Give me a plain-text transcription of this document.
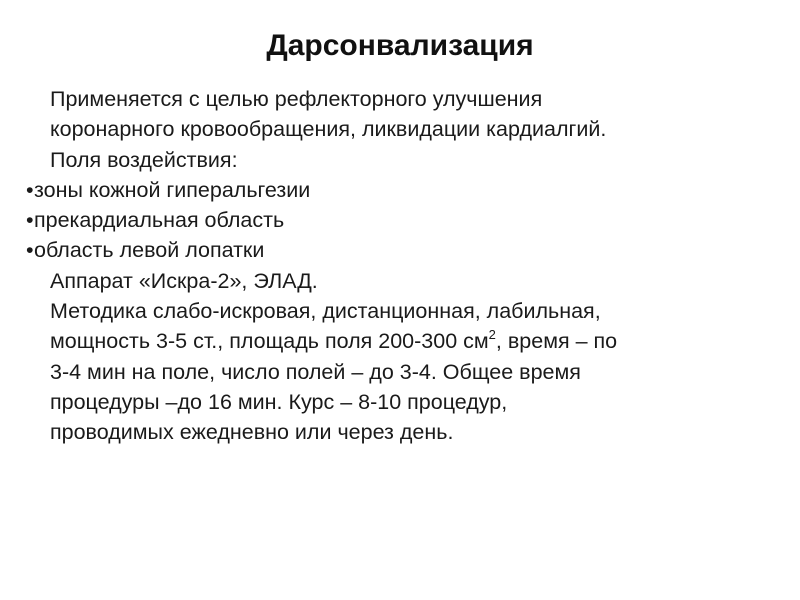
Дарсонвализация
Применяется с целью рефлекторного улучшения
коронарного кровообращения, ликвидации кардиалгий.
Поля воздействия:
• зоны кожной гиперальгезии
• прекардиальная область
• область левой лопатки
Аппарат «Искра-2», ЭЛАД.
Методика слабо-искровая, дистанционная, лабильная,
мощность 3-5 ст., площадь поля 200-300 $см^2$, время – по
3-4 мин на поле, число полей – до 3-4. Общее время
процедуры –до 16 мин. Курс – 8-10 процедур,
проводимых ежедневно или через день.
